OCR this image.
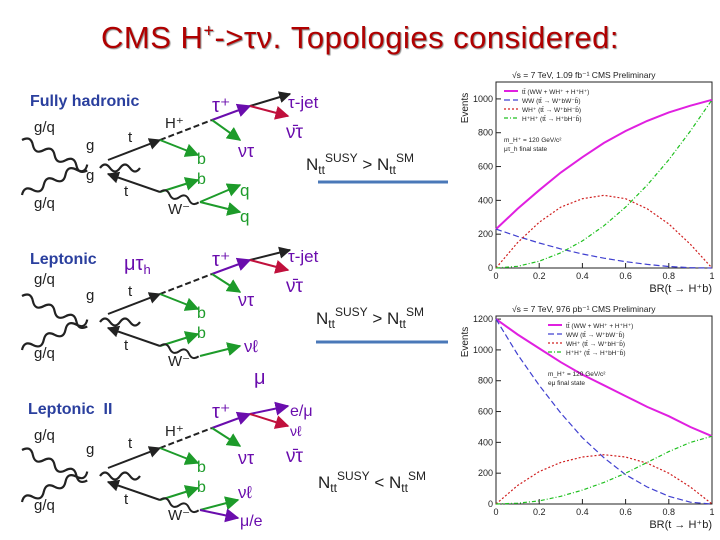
CMS H+->τν. Topologies considered:
Fully hadronic
g/q
g/q
g
g
t
t
H⁺
b
b
W⁻
q
q
τ⁺
ντ
τ-jet
ν̄τ
$N_{tt}^{SUSY} > N_{tt}℠$
Leptonic $\mu\tau_h$
g/q
g/q
g t
t
b
b
W⁻
νℓ
μ
τ⁺
ντ
τ-jet
ν̄τ
$N_{tt}^{SUSY} > N_{tt}℠$
Leptonic  II
g/q
g/q
g t
t
H⁺
b
b
W⁻
νℓ
μ/e
τ⁺
ντ
e/μ
νℓ
ν̄τ
$N_{tt}^{SUSY} < N_{tt}℠$
√s = 7 TeV, 1.09 fb⁻¹ CMS Preliminary
Events
BR(t → H⁺b)
0
200
400
600
800
1000
0	0.2	0.4	0.6	0.8	1
tt̄ (WW + WH⁺ + H⁺H⁺)
WW (tt̄ → W⁺bW⁻b̄)
WH⁺ (tt̄ → W⁺bH⁻b̄)
H⁺H⁺ (tt̄ → H⁺bH⁻b̄)
m_H⁺ = 120 GeV/c²
μτ_h final state
√s = 7 TeV, 976 pb⁻¹ CMS Preliminary
Events
BR(t → H⁺b)
0
200
400
600
800
1000
1200
0	0.2	0.4	0.6	0.8	1
tt̄ (WW + WH⁺ + H⁺H⁺)
WW (tt̄ → W⁺bW⁻b̄)
WH⁺ (tt̄ → W⁺bH⁻b̄)
H⁺H⁺ (tt̄ → H⁺bH⁻b̄)
m_H⁺ = 120 GeV/c²
eμ final state
